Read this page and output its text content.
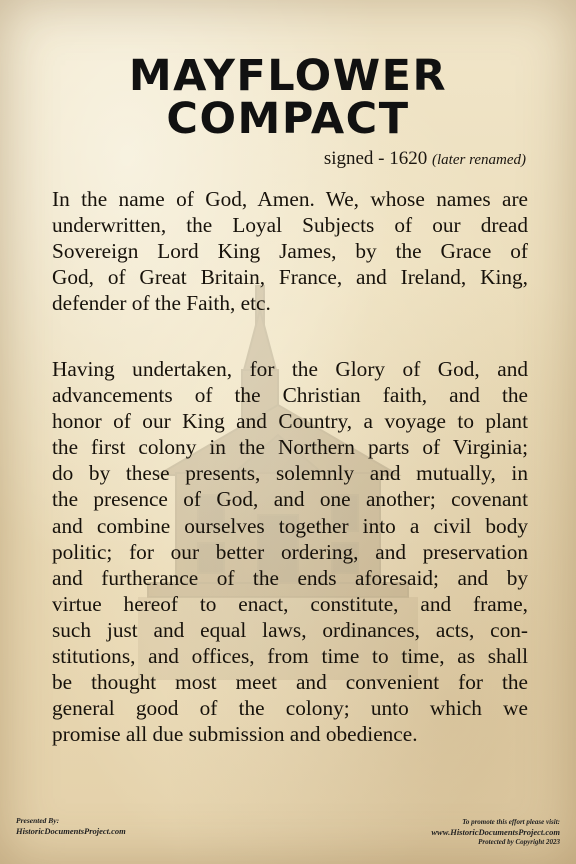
MAYFLOWER
COMPACT
signed - 1620 (later renamed)
In the name of God, Amen. We, whose names are
underwritten, the Loyal Subjects of our dread
Sovereign Lord King James, by the Grace of
God, of Great Britain, France, and Ireland, King,
defender of the Faith, etc.
Having undertaken, for the Glory of God, and
advancements of the Christian faith, and the
honor of our King and Country, a voyage to plant
the first colony in the Northern parts of Virginia;
do by these presents, solemnly and mutually, in
the presence of God, and one another; covenant
and combine ourselves together into a civil body
politic; for our better ordering, and preservation
and furtherance of the ends aforesaid; and by
virtue hereof to enact, constitute, and frame,
such just and equal laws, ordinances, acts, con-
stitutions, and offices, from time to time, as shall
be thought most meet and convenient for the
general good of the colony; unto which we
promise all due submission and obedience.
Presented By:
HistoricDocumentsProject.com
To promote this effort please visit:
www.HistoricDocumentsProject.com
Protected by Copyright 2023
